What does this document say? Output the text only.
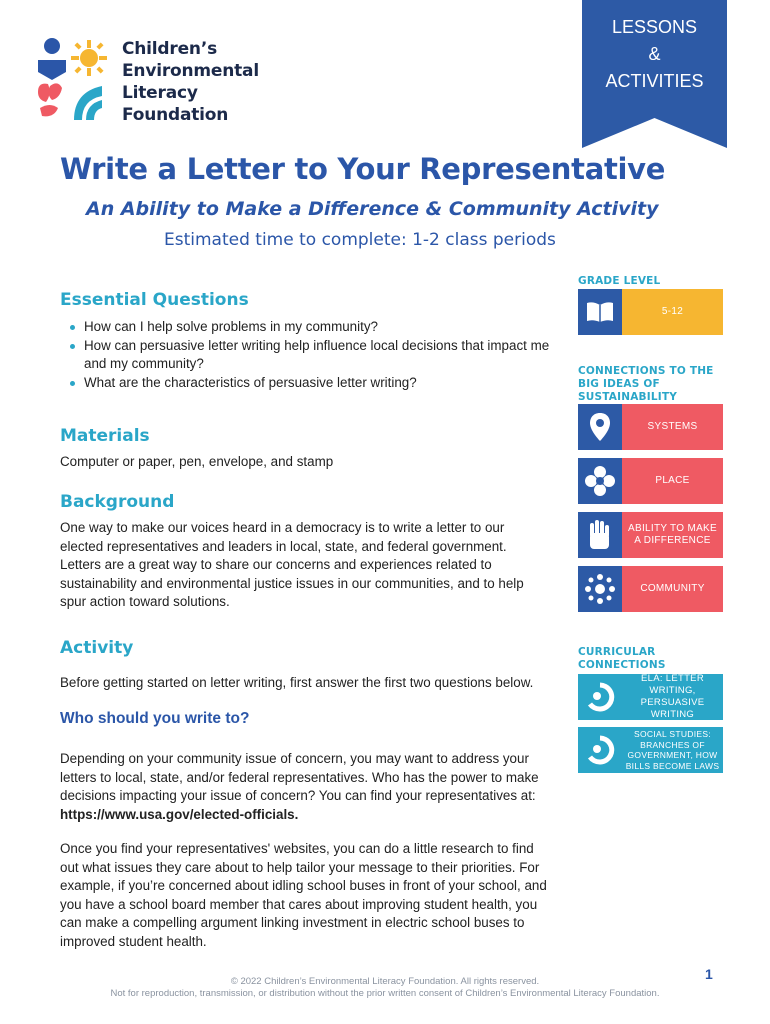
Children’s
Environmental
Literacy
Foundation
LESSONS
&
ACTIVITIES
Write a Letter to Your Representative
An Ability to Make a Difference & Community Activity
Estimated time to complete: 1-2 class periods
Essential Questions
How can I help solve problems in my community?
How can persuasive letter writing help influence local decisions that impact me and my community?
What are the characteristics of persuasive letter writing?
Materials
Computer or paper, pen, envelope, and stamp
Background
One way to make our voices heard in a democracy is to write a letter to our elected representatives and leaders in local, state, and federal government. Letters are a great way to share our concerns and experiences related to sustainability and environmental justice issues in our communities, and to help spur action toward solutions.
Activity
Before getting started on letter writing, first answer the first two questions below.
Who should you write to?
Depending on your community issue of concern, you may want to address your letters to local, state, and/or federal representatives. Who has the power to make decisions impacting your issue of concern? You can find your representatives at: https://www.usa.gov/elected-officials.
Once you find your representatives' websites, you can do a little research to find out what issues they care about to help tailor your message to their priorities. For example, if you’re concerned about idling school buses in front of your school, and you have a school board member that cares about improving student health, you can make a compelling argument linking investment in electric school buses to improved student health.
GRADE LEVEL
5-12
CONNECTIONS TO THE BIG IDEAS OF SUSTAINABILITY
SYSTEMS
PLACE
ABILITY TO MAKE A DIFFERENCE
COMMUNITY
CURRICULAR CONNECTIONS
ELA: LETTER WRITING, PERSUASIVE WRITING
SOCIAL STUDIES: BRANCHES OF GOVERNMENT, HOW BILLS BECOME LAWS
© 2022 Children’s Environmental Literacy Foundation. All rights reserved.
Not for reproduction, transmission, or distribution without the prior written consent of Children’s Environmental Literacy Foundation.
1
